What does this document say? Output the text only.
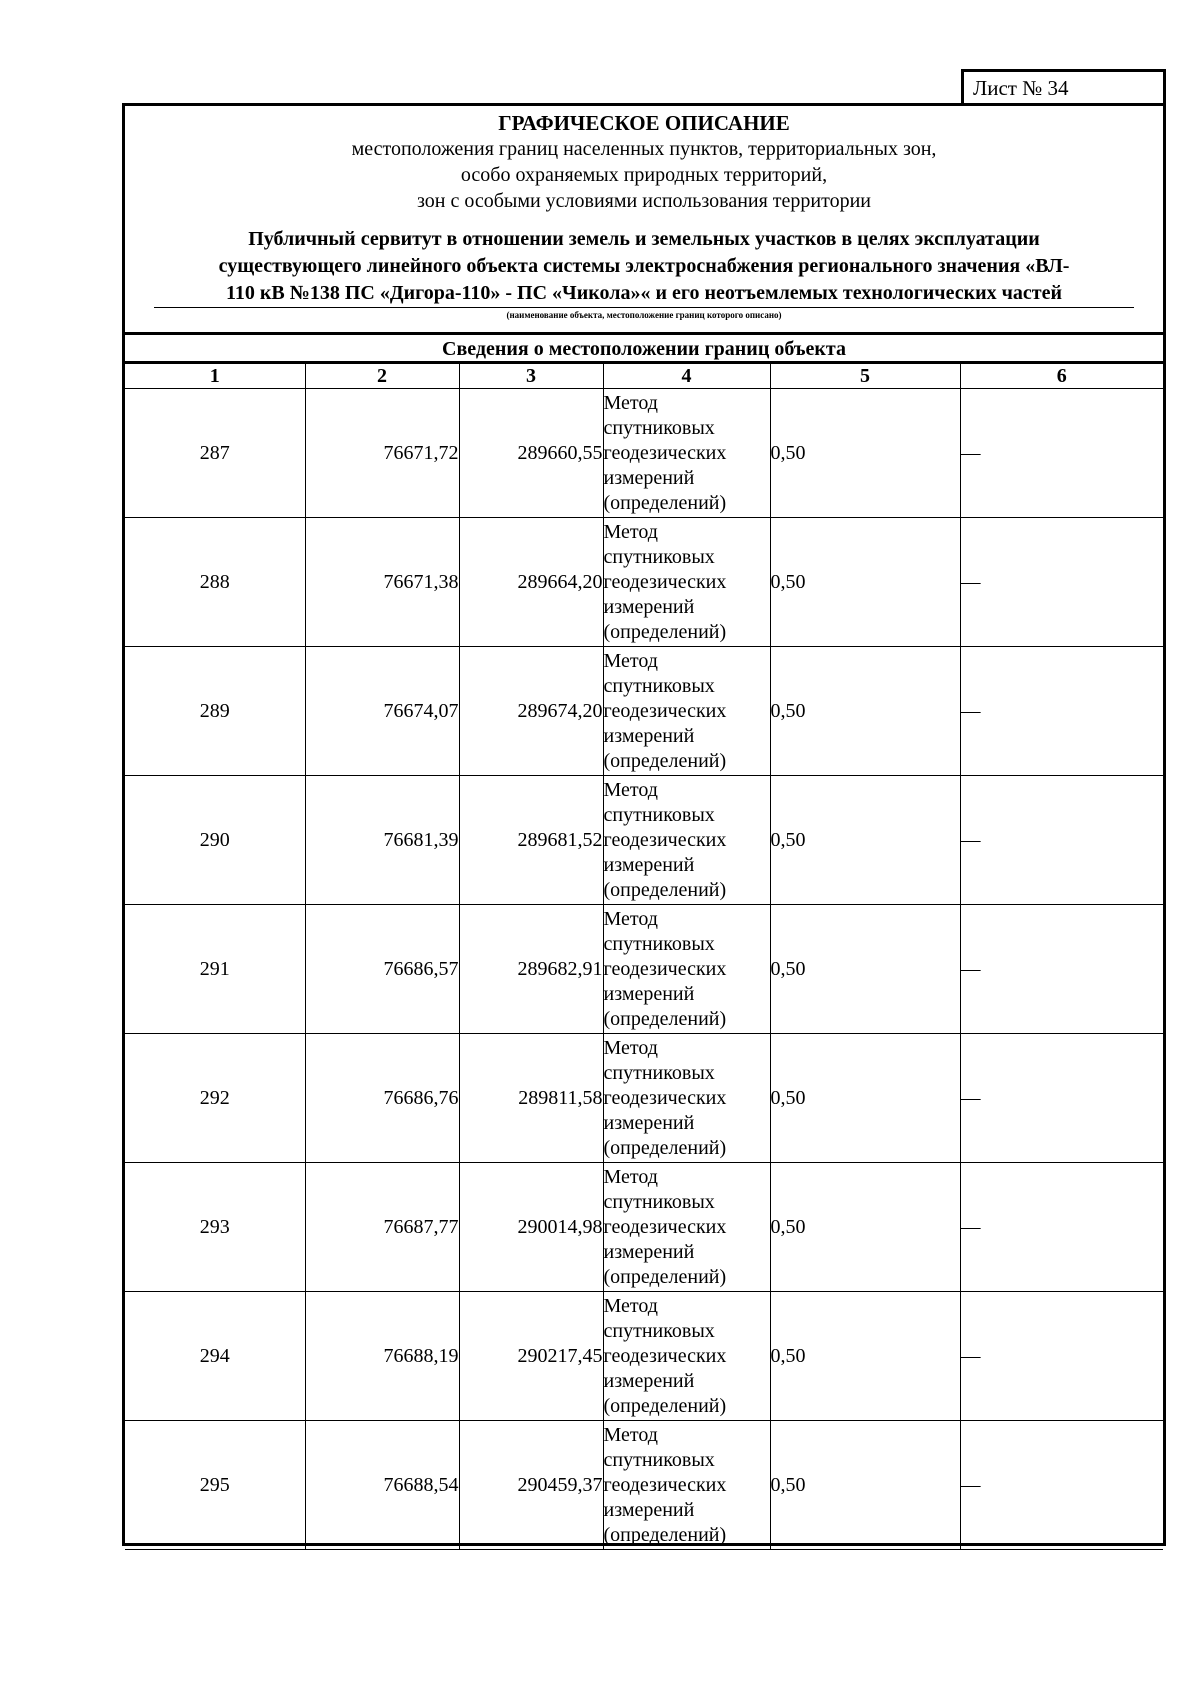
Лист № 34
ГРАФИЧЕСКОЕ ОПИСАНИЕ
местоположения границ населенных пунктов, территориальных зон,
особо охраняемых природных территорий,
зон с особыми условиями использования территории
Публичный сервитут в отношении земель и земельных участков в целях эксплуатации
существующего линейного объекта системы электроснабжения регионального значения «ВЛ-
110 кВ №138 ПС «Дигора-110» - ПС «Чикола»« и его неотъемлемых технологических частей
(наименование объекта, местоположение границ которого описано)
Сведения о местоположении границ объекта
1	2	3	4	5	6
287	76671,72	289660,55	Метод
спутниковых
геодезических
измерений
(определений)	0,50	—
288	76671,38	289664,20	Метод
спутниковых
геодезических
измерений
(определений)	0,50	—
289	76674,07	289674,20	Метод
спутниковых
геодезических
измерений
(определений)	0,50	—
290	76681,39	289681,52	Метод
спутниковых
геодезических
измерений
(определений)	0,50	—
291	76686,57	289682,91	Метод
спутниковых
геодезических
измерений
(определений)	0,50	—
292	76686,76	289811,58	Метод
спутниковых
геодезических
измерений
(определений)	0,50	—
293	76687,77	290014,98	Метод
спутниковых
геодезических
измерений
(определений)	0,50	—
294	76688,19	290217,45	Метод
спутниковых
геодезических
измерений
(определений)	0,50	—
295	76688,54	290459,37	Метод
спутниковых
геодезических
измерений
(определений)	0,50	—
